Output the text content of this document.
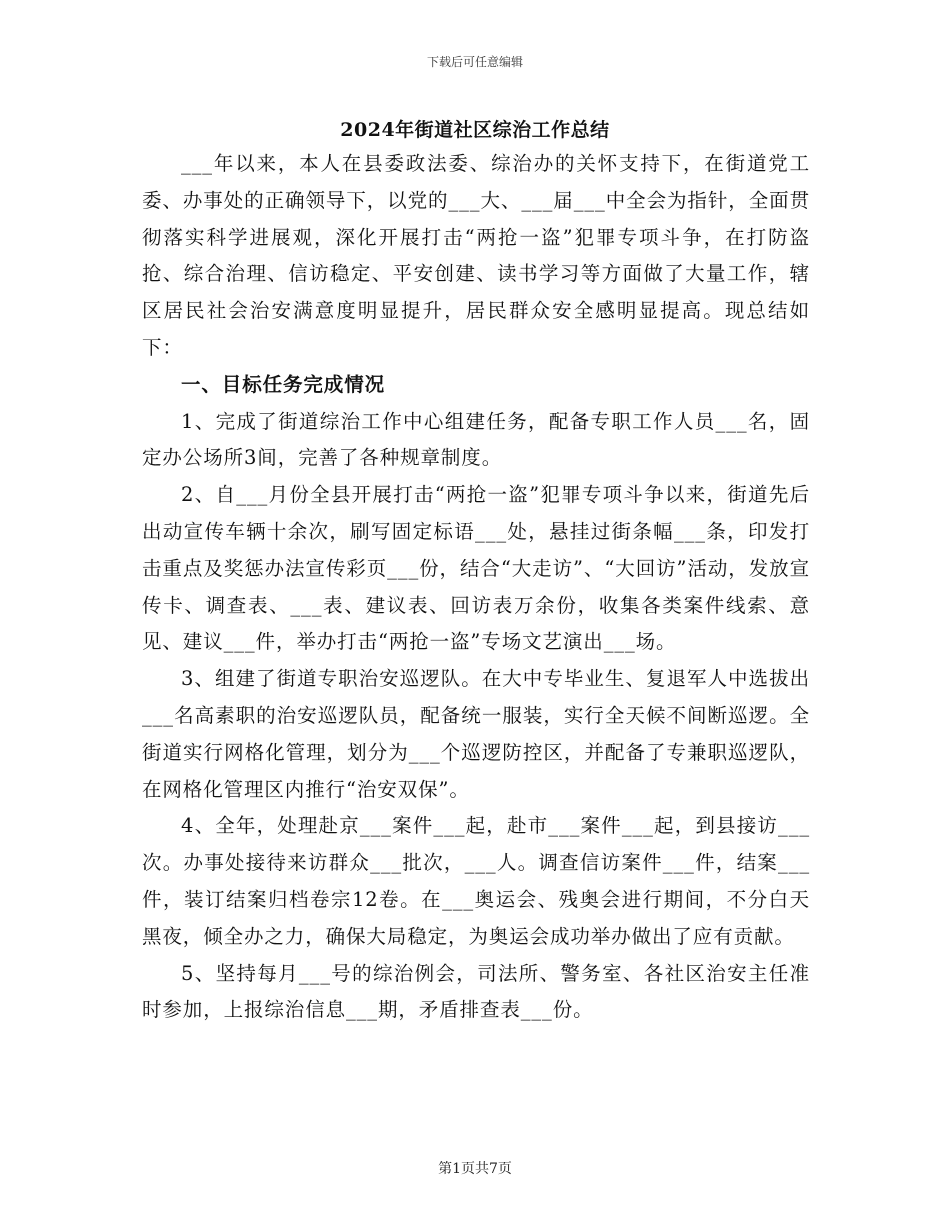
下载后可任意编辑
2024年街道社区综治工作总结

___年以来，本人在县委政法委、综治办的关怀支持下，在街道党工委、办事处的正确领导下，以党的___大、___届___中全会为指针，全面贯彻落实科学进展观，深化开展打击“两抢一盗”犯罪专项斗争，在打防盗抢、综合治理、信访稳定、平安创建、读书学习等方面做了大量工作，辖区居民社会治安满意度明显提升，居民群众安全感明显提高。现总结如下：

一、目标任务完成情况

1、完成了街道综治工作中心组建任务，配备专职工作人员___名，固定办公场所3间，完善了各种规章制度。

2、自___月份全县开展打击“两抢一盗”犯罪专项斗争以来，街道先后出动宣传车辆十余次，刷写固定标语___处，悬挂过街条幅___条，印发打击重点及奖惩办法宣传彩页___份，结合“大走访”、“大回访”活动，发放宣传卡、调查表、___表、建议表、回访表万余份，收集各类案件线索、意见、建议___件，举办打击“两抢一盗”专场文艺演出___场。

3、组建了街道专职治安巡逻队。在大中专毕业生、复退军人中选拔出___名高素职的治安巡逻队员，配备统一服装，实行全天候不间断巡逻。全街道实行网格化管理，划分为___个巡逻防控区，并配备了专兼职巡逻队，在网格化管理区内推行“治安双保”。

4、全年，处理赴京___案件___起，赴市___案件___起，到县接访___次。办事处接待来访群众___批次，___人。调查信访案件___件，结案___件，装订结案归档卷宗12卷。在___奥运会、残奥会进行期间，不分白天黑夜，倾全办之力，确保大局稳定，为奥运会成功举办做出了应有贡献。

5、坚持每月___号的综治例会，司法所、警务室、各社区治安主任准时参加，上报综治信息___期，矛盾排查表___份。

第1页共7页
